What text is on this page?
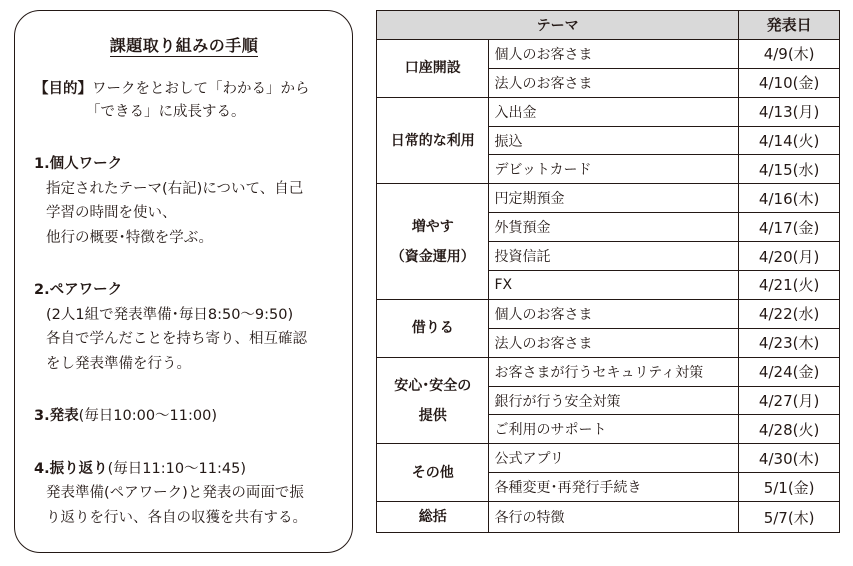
課題取り組みの手順
【目的】ワークをとおして「わかる」から
「できる」に成長する。
1.個人ワーク
指定されたテーマ(右記)について、自己
学習の時間を使い、
他行の概要･特徴を学ぶ。
2.ペアワーク
(2人1組で発表準備･毎日8:50～9:50)
各自で学んだことを持ち寄り、相互確認
をし発表準備を行う。
3.発表(毎日10:00～11:00)
4.振り返り(毎日11:10～11:45)
発表準備(ペアワーク)と発表の両面で振
り返りを行い、各自の収獲を共有する。
テーマ		発表日

口座開設	個人のお客さま	4/9(木)
	法人のお客さま	4/10(金)

日常的な利用	入出金	4/13(月)
	振込	4/14(火)
	デビットカード	4/15(水)

増やす
（資金運用）	円定期預金	4/16(木)
	外貨預金	4/17(金)
	投資信託	4/20(月)
	FX	4/21(火)

借りる	個人のお客さま	4/22(水)
	法人のお客さま	4/23(木)

安心･安全の
提供	お客さまが行うセキュリティ対策	4/24(金)
	銀行が行う安全対策	4/27(月)
	ご利用のサポート	4/28(火)

その他	公式アプリ	4/30(木)
	各種変更･再発行手続き	5/1(金)

総括	各行の特徴	5/7(木)
